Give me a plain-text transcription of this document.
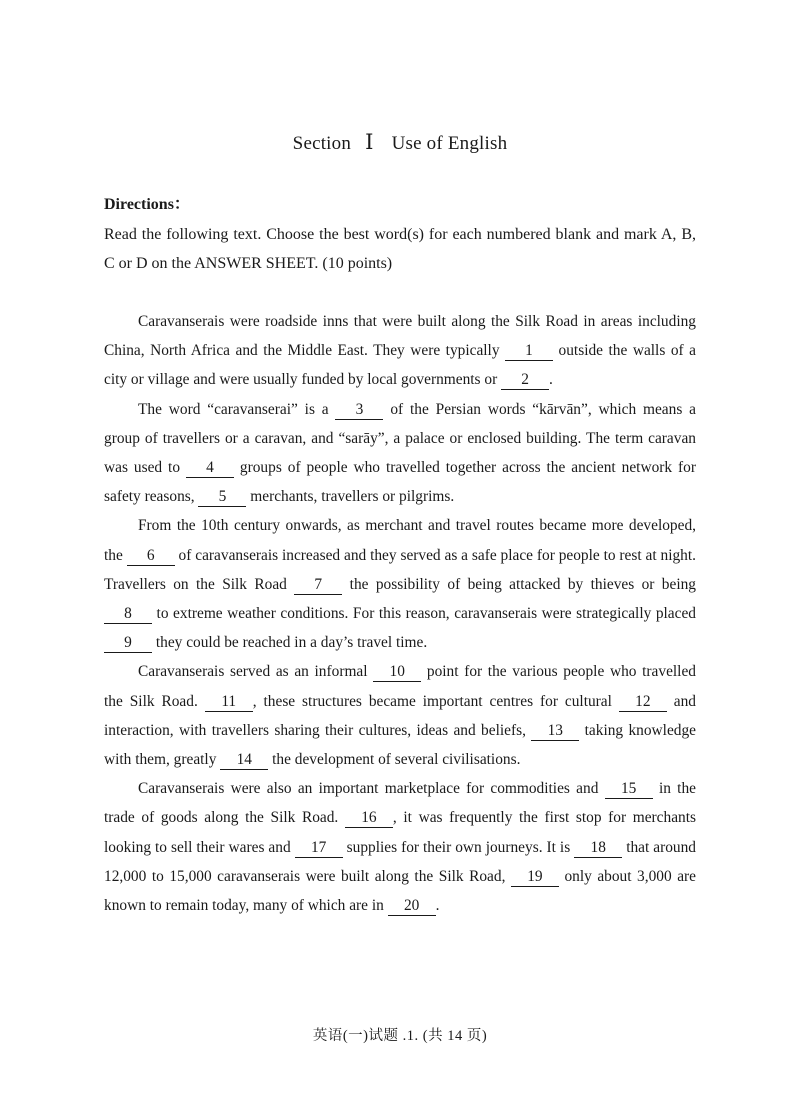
Section Ⅰ Use of English
Directions：
Read the following text. Choose the best word(s) for each numbered blank and mark A, B, C or D on the ANSWER SHEET. (10 points)

Caravanserais were roadside inns that were built along the Silk Road in areas including China, North Africa and the Middle East. They were typically 1 outside the walls of a city or village and were usually funded by local governments or 2 .

The word “caravanserai” is a 3 of the Persian words “kārvān”, which means a group of travellers or a caravan, and “sarāy”, a palace or enclosed building. The term caravan was used to 4 groups of people who travelled together across the ancient network for safety reasons, 5 merchants, travellers or pilgrims.

From the 10th century onwards, as merchant and travel routes became more developed, the 6 of caravanserais increased and they served as a safe place for people to rest at night. Travellers on the Silk Road 7 the possibility of being attacked by thieves or being 8 to extreme weather conditions. For this reason, caravanserais were strategically placed 9 they could be reached in a day’s travel time.

Caravanserais served as an informal 10 point for the various people who travelled the Silk Road. 11 , these structures became important centres for cultural 12 and interaction, with travellers sharing their cultures, ideas and beliefs, 13 taking knowledge with them, greatly 14 the development of several civilisations.

Caravanserais were also an important marketplace for commodities and 15 in the trade of goods along the Silk Road. 16 , it was frequently the first stop for merchants looking to sell their wares and 17 supplies for their own journeys. It is 18 that around 12,000 to 15,000 caravanserais were built along the Silk Road, 19 only about 3,000 are known to remain today, many of which are in 20 .

英语(一)试题 .1. (共 14 页)
